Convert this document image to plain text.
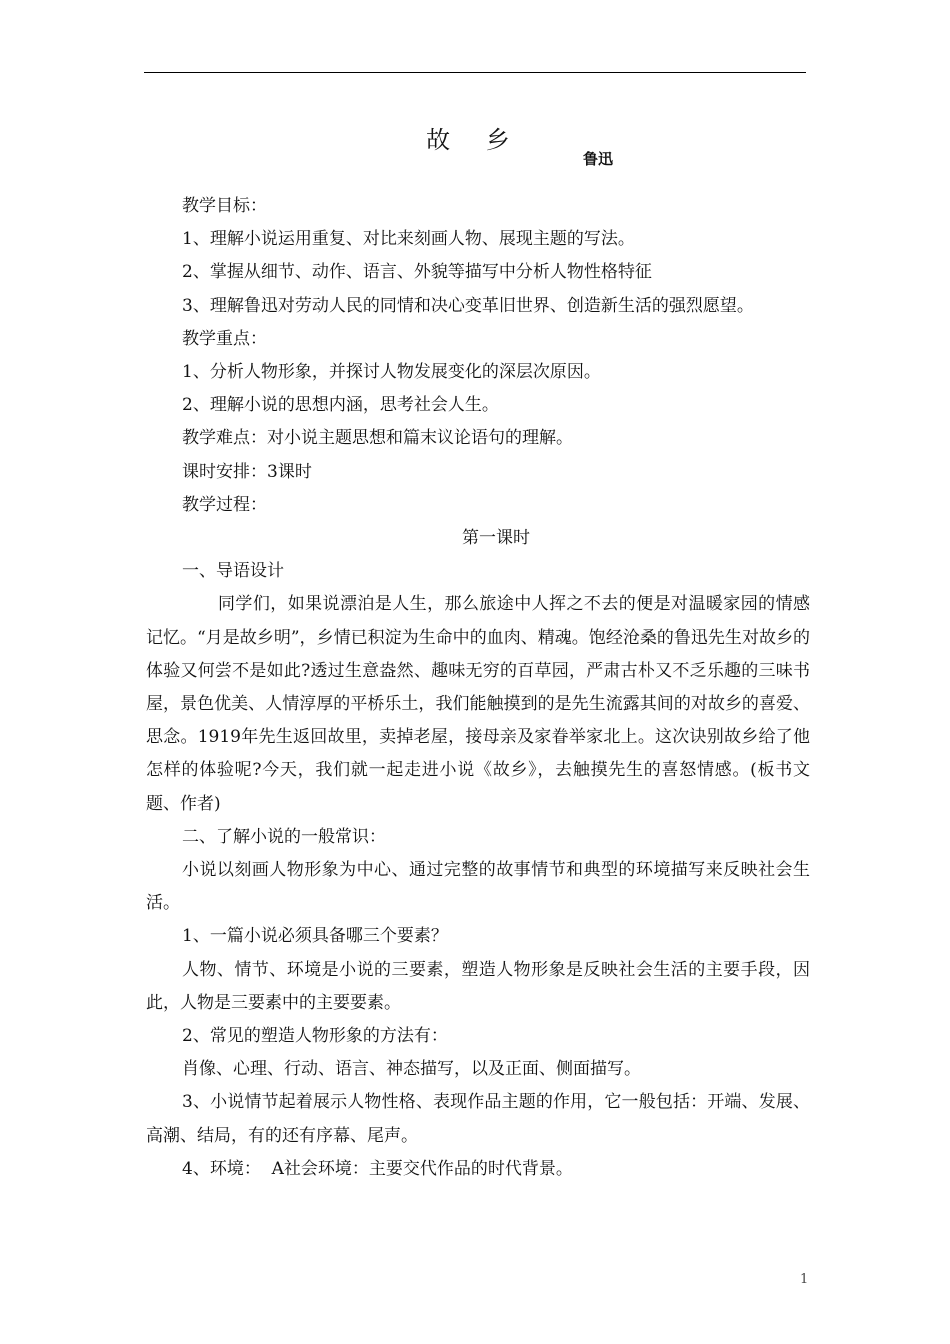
故 乡
鲁迅

教学目标：

1、理解小说运用重复、对比来刻画人物、展现主题的写法。

2、掌握从细节、动作、语言、外貌等描写中分析人物性格特征

3、理解鲁迅对劳动人民的同情和决心变革旧世界、创造新生活的强烈愿望。

教学重点：

1、分析人物形象，并探讨人物发展变化的深层次原因。

2、理解小说的思想内涵，思考社会人生。

教学难点：对小说主题思想和篇末议论语句的理解。

课时安排：3课时

教学过程：

第一课时

一、导语设计

同学们，如果说漂泊是人生，那么旅途中人挥之不去的便是对温暖家园的情感记忆。“月是故乡明”，乡情已积淀为生命中的血肉、精魂。饱经沧桑的鲁迅先生对故乡的体验又何尝不是如此?透过生意盎然、趣味无穷的百草园，严肃古朴又不乏乐趣的三味书屋，景色优美、人情淳厚的平桥乐土，我们能触摸到的是先生流露其间的对故乡的喜爱、思念。1919年先生返回故里，卖掉老屋，接母亲及家眷举家北上。这次诀别故乡给了他怎样的体验呢?今天，我们就一起走进小说《故乡》，去触摸先生的喜怒情感。(板书文题、作者)

二、了解小说的一般常识：

小说以刻画人物形象为中心、通过完整的故事情节和典型的环境描写来反映社会生活。

1、一篇小说必须具备哪三个要素？

人物、情节、环境是小说的三要素，塑造人物形象是反映社会生活的主要手段，因此，人物是三要素中的主要要素。

2、常见的塑造人物形象的方法有：

肖像、心理、行动、语言、神态描写，以及正面、侧面描写。

3、小说情节起着展示人物性格、表现作品主题的作用，它一般包括：开端、发展、高潮、结局，有的还有序幕、尾声。

4、环境：  A社会环境：主要交代作品的时代背景。

1
